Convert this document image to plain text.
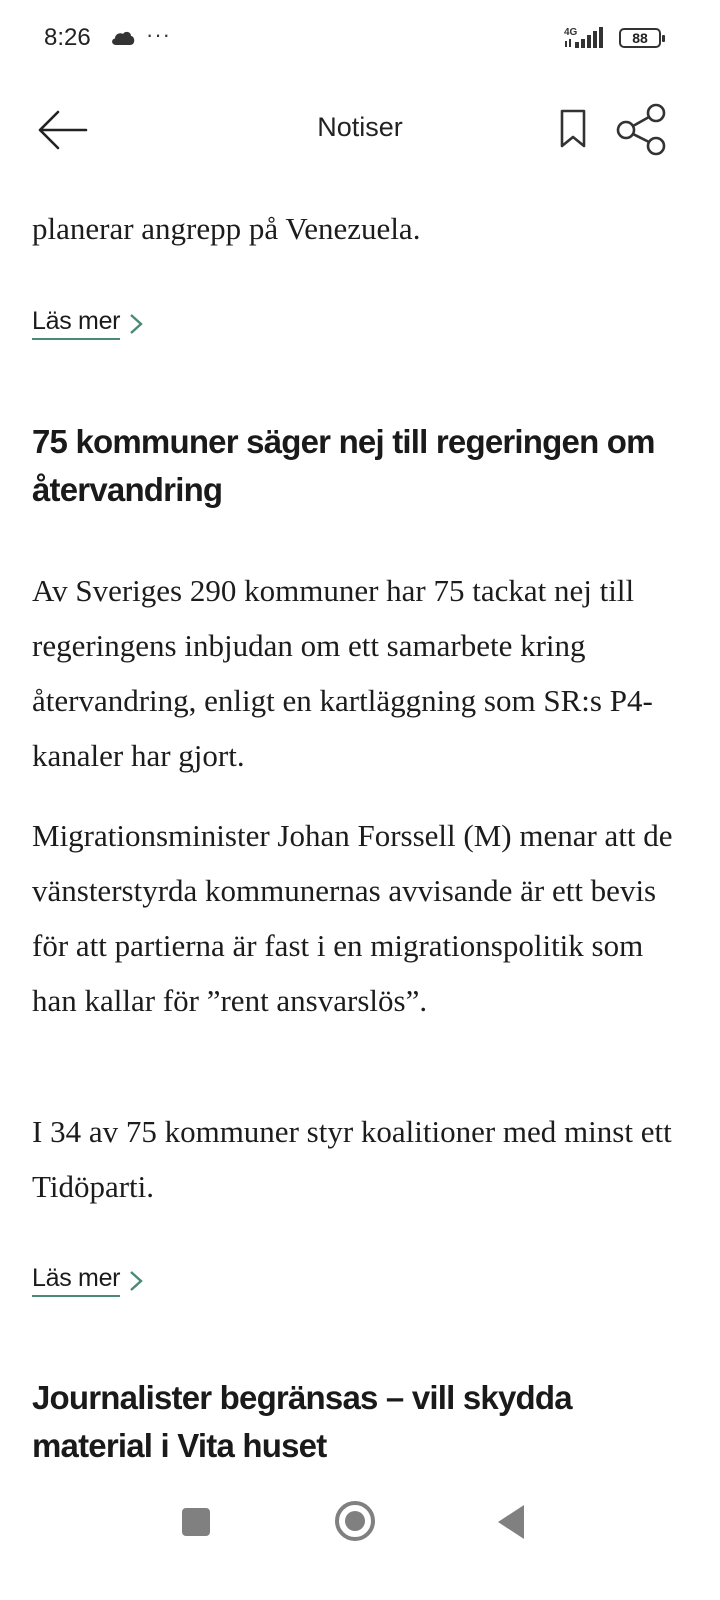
8:26	···	4G	88
Notiser
planerar angrepp på Venezuela.
Läs mer
75 kommuner säger nej till regeringen om återvandring

Av Sveriges 290 kommuner har 75 tackat nej till regeringens inbjudan om ett samarbete kring återvandring, enligt en kartläggning som SR:s P4-kanaler har gjort.

Migrationsminister Johan Forssell (M) menar att de vänsterstyrda kommunernas avvisande är ett bevis för att partierna är fast i en migrationspolitik som han kallar för ”rent ansvarslös”.

I 34 av 75 kommuner styr koalitioner med minst ett Tidöparti.

Läs mer
Journalister begränsas – vill skydda material i Vita huset
